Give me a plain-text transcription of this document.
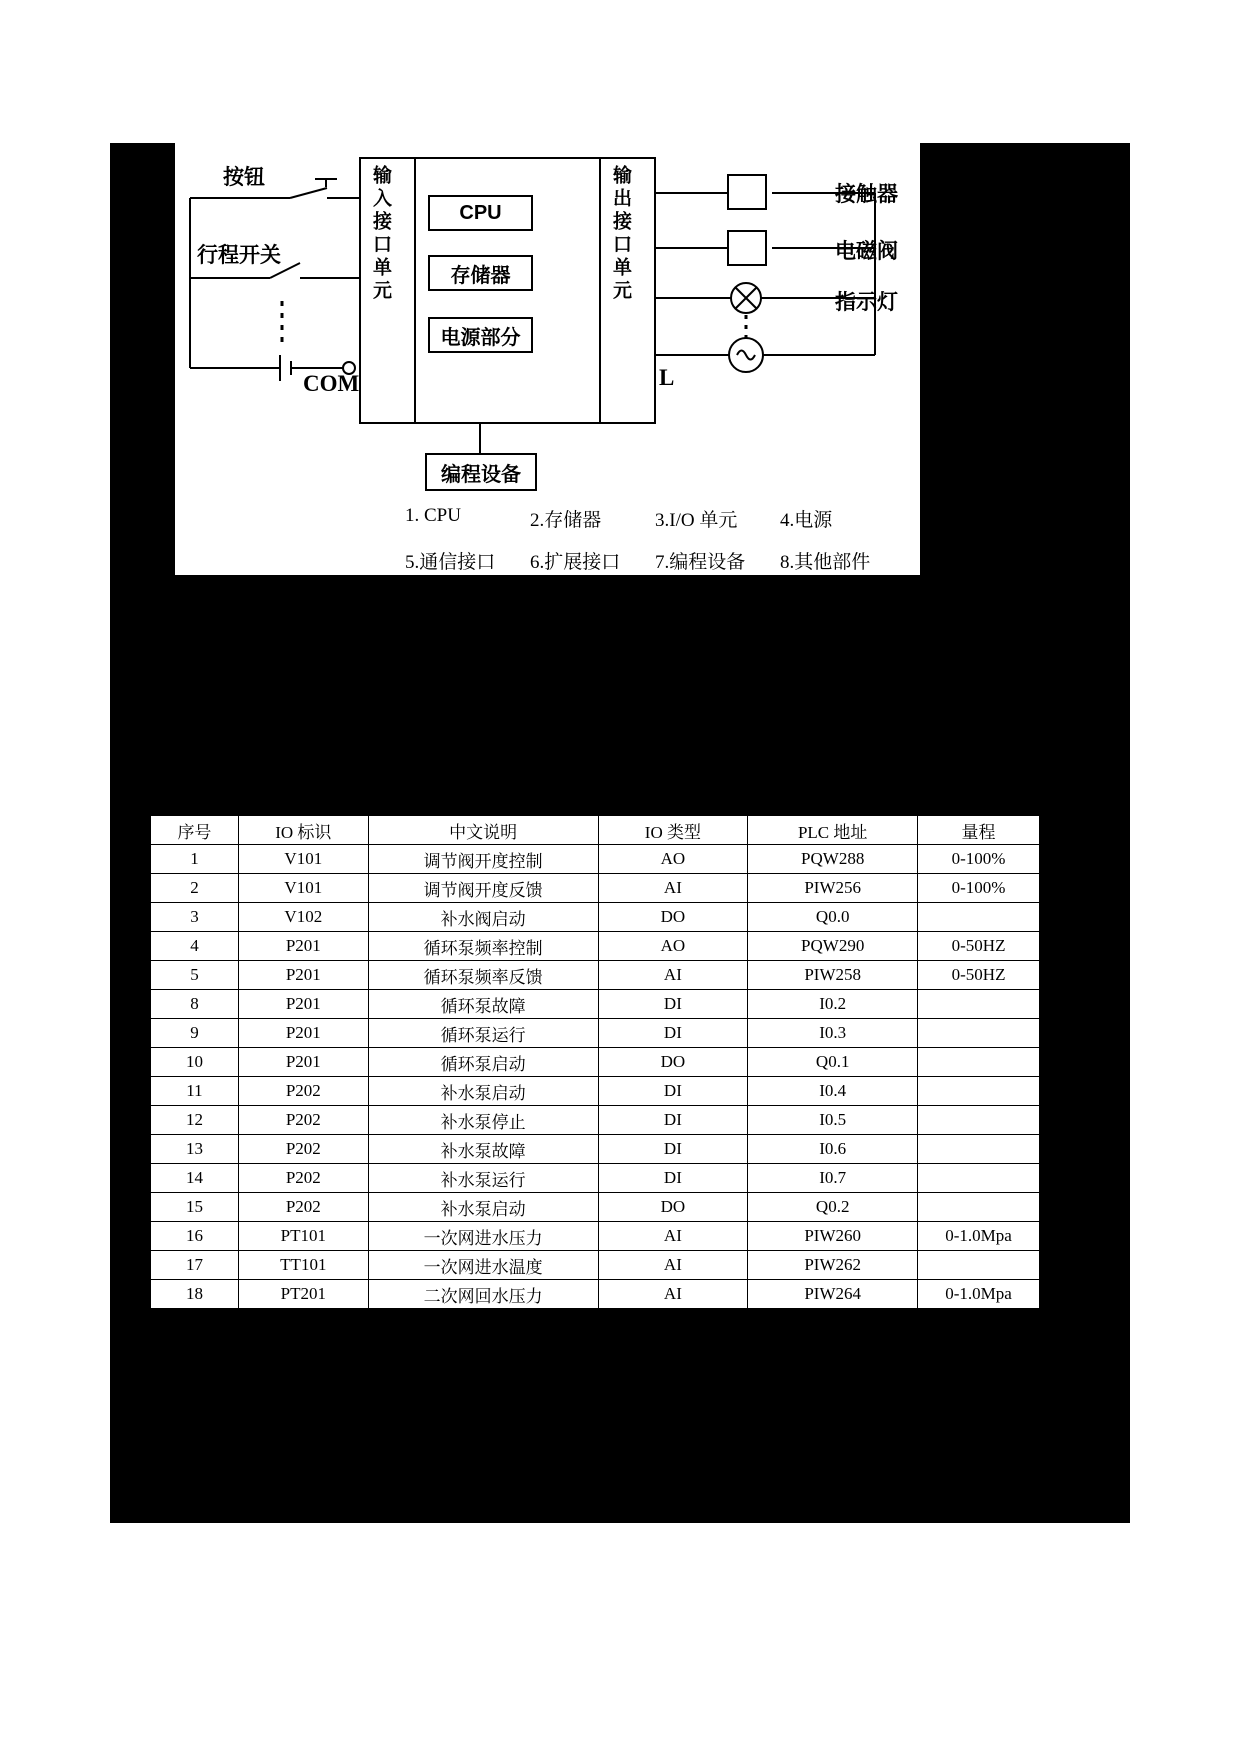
按钮
行程开关
COM
输入接口单元	输出接口单元
CPU
存储器
电源部分
编程设备
接触器
电磁阀
指示灯
L
1. CPU	2.存储器	3.I/O 单元	4.电源
5.通信接口	6.扩展接口	7.编程设备	8.其他部件
序号	IO 标识	中文说明	IO 类型	PLC 地址	量程
1	V101	调节阀开度控制	AO	PQW288	0-100%
2	V101	调节阀开度反馈	AI	PIW256	0-100%
3	V102	补水阀启动	DO	Q0.0	
4	P201	循环泵频率控制	AO	PQW290	0-50HZ
5	P201	循环泵频率反馈	AI	PIW258	0-50HZ
8	P201	循环泵故障	DI	I0.2	
9	P201	循环泵运行	DI	I0.3	
10	P201	循环泵启动	DO	Q0.1	
11	P202	补水泵启动	DI	I0.4	
12	P202	补水泵停止	DI	I0.5	
13	P202	补水泵故障	DI	I0.6	
14	P202	补水泵运行	DI	I0.7	
15	P202	补水泵启动	DO	Q0.2	
16	PT101	一次网进水压力	AI	PIW260	0-1.0Mpa
17	TT101	一次网进水温度	AI	PIW262	
18	PT201	二次网回水压力	AI	PIW264	0-1.0Mpa
